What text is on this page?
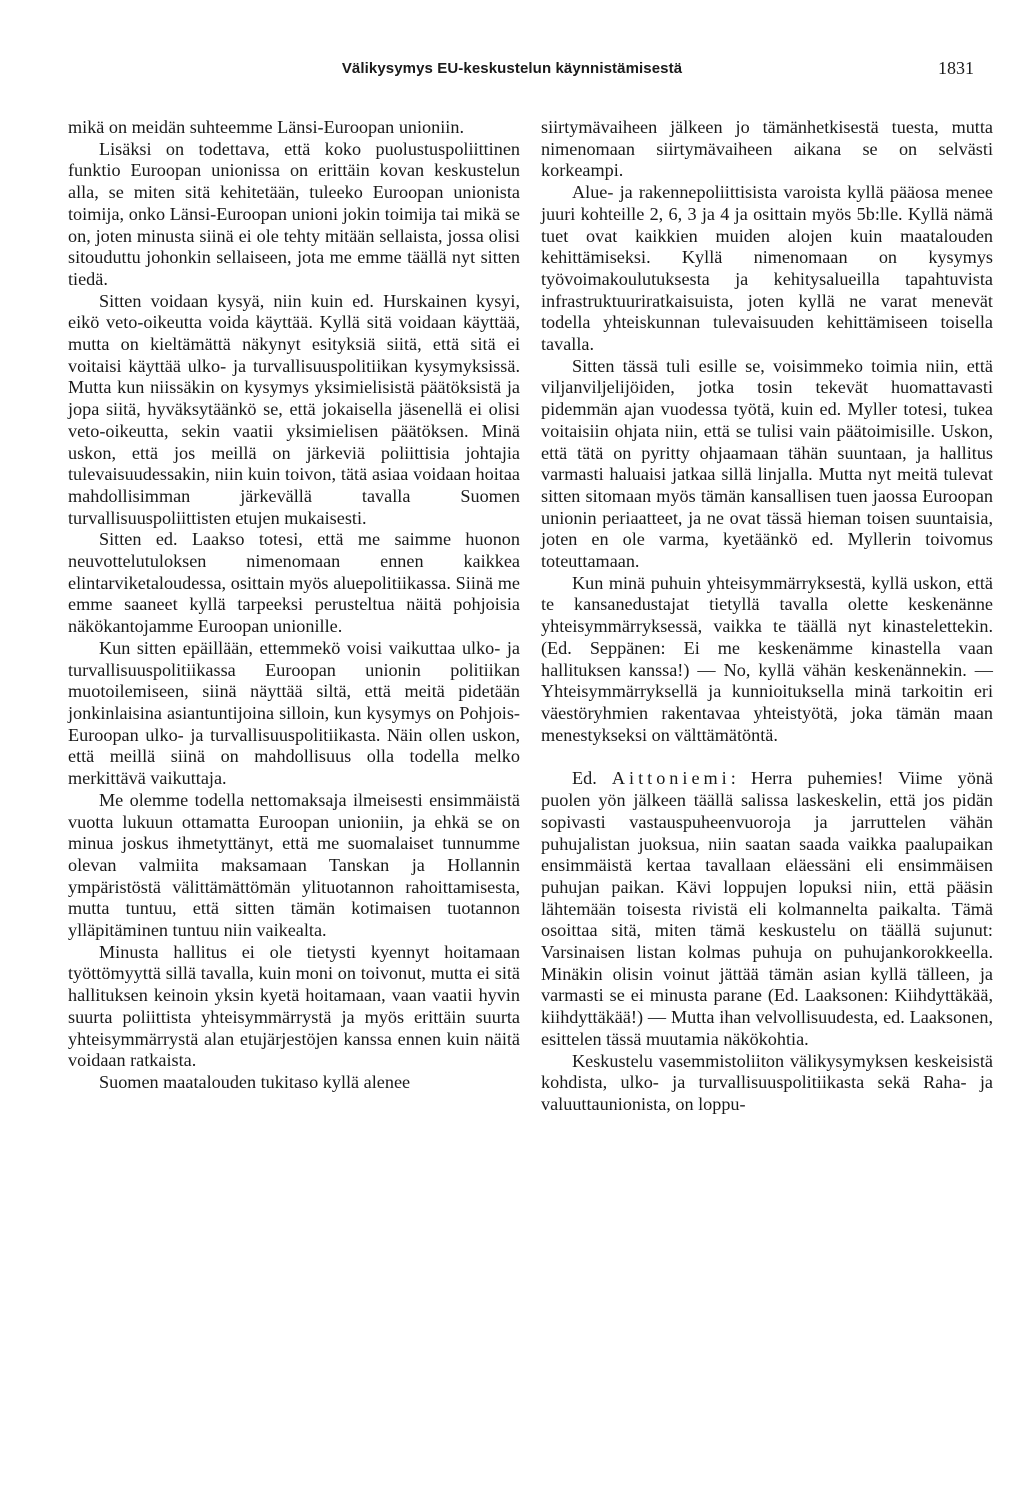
Välikysymys EU-keskustelun käynnistämisestä	1831

mikä on meidän suhteemme Länsi-Euroopan unioniin.

Lisäksi on todettava, että koko puolustuspoliittinen funktio Euroopan unionissa on erittäin kovan keskustelun alla, se miten sitä kehitetään, tuleeko Euroopan unionista toimija, onko Länsi-Euroopan unioni jokin toimija tai mikä se on, joten minusta siinä ei ole tehty mitään sellaista, jossa olisi sitouduttu johonkin sellaiseen, jota me emme täällä nyt sitten tiedä.

Sitten voidaan kysyä, niin kuin ed. Hurskainen kysyi, eikö veto-oikeutta voida käyttää. Kyllä sitä voidaan käyttää, mutta on kieltämättä näkynyt esityksiä siitä, että sitä ei voitaisi käyttää ulko- ja turvallisuuspolitiikan kysymyksissä. Mutta kun niissäkin on kysymys yksimielisistä päätöksistä ja jopa siitä, hyväksytäänkö se, että jokaisella jäsenellä ei olisi veto-oikeutta, sekin vaatii yksimielisen päätöksen. Minä uskon, että jos meillä on järkeviä poliittisia johtajia tulevaisuudessakin, niin kuin toivon, tätä asiaa voidaan hoitaa mahdollisimman järkevällä tavalla Suomen turvallisuuspoliittisten etujen mukaisesti.

Sitten ed. Laakso totesi, että me saimme huonon neuvottelutuloksen nimenomaan ennen kaikkea elintarviketaloudessa, osittain myös aluepolitiikassa. Siinä me emme saaneet kyllä tarpeeksi perusteltua näitä pohjoisia näkökantojamme Euroopan unionille.

Kun sitten epäillään, ettemmekö voisi vaikuttaa ulko- ja turvallisuuspolitiikassa Euroopan unionin politiikan muotoilemiseen, siinä näyttää siltä, että meitä pidetään jonkinlaisina asiantuntijoina silloin, kun kysymys on Pohjois-Euroopan ulko- ja turvallisuuspolitiikasta. Näin ollen uskon, että meillä siinä on mahdollisuus olla todella melko merkittävä vaikuttaja.

Me olemme todella nettomaksaja ilmeisesti ensimmäistä vuotta lukuun ottamatta Euroopan unioniin, ja ehkä se on minua joskus ihmetyttänyt, että me suomalaiset tunnumme olevan valmiita maksamaan Tanskan ja Hollannin ympäristöstä välittämättömän ylituotannon rahoittamisesta, mutta tuntuu, että sitten tämän kotimaisen tuotannon ylläpitäminen tuntuu niin vaikealta.

Minusta hallitus ei ole tietysti kyennyt hoitamaan työttömyyttä sillä tavalla, kuin moni on toivonut, mutta ei sitä hallituksen keinoin yksin kyetä hoitamaan, vaan vaatii hyvin suurta poliittista yhteisymmärrystä ja myös erittäin suurta yhteisymmärrystä alan etujärjestöjen kanssa ennen kuin näitä voidaan ratkaista.

Suomen maatalouden tukitaso kyllä alenee

siirtymävaiheen jälkeen jo tämänhetkisestä tuesta, mutta nimenomaan siirtymävaiheen aikana se on selvästi korkeampi.

Alue- ja rakennepoliittisista varoista kyllä pääosa menee juuri kohteille 2, 6, 3 ja 4 ja osittain myös 5b:lle. Kyllä nämä tuet ovat kaikkien muiden alojen kuin maatalouden kehittämiseksi. Kyllä nimenomaan on kysymys työvoimakoulutuksesta ja kehitysalueilla tapahtuvista infrastruktuuriratkaisuista, joten kyllä ne varat menevät todella yhteiskunnan tulevaisuuden kehittämiseen toisella tavalla.

Sitten tässä tuli esille se, voisimmeko toimia niin, että viljanviljelijöiden, jotka tosin tekevät huomattavasti pidemmän ajan vuodessa työtä, kuin ed. Myller totesi, tukea voitaisiin ohjata niin, että se tulisi vain päätoimisille. Uskon, että tätä on pyritty ohjaamaan tähän suuntaan, ja hallitus varmasti haluaisi jatkaa sillä linjalla. Mutta nyt meitä tulevat sitten sitomaan myös tämän kansallisen tuen jaossa Euroopan unionin periaatteet, ja ne ovat tässä hieman toisen suuntaisia, joten en ole varma, kyetäänkö ed. Myllerin toivomus toteuttamaan.

Kun minä puhuin yhteisymmärryksestä, kyllä uskon, että te kansanedustajat tietyllä tavalla olette keskenänne yhteisymmärryksessä, vaikka te täällä nyt kinastelettekin. (Ed. Seppänen: Ei me keskenämme kinastella vaan hallituksen kanssa!) — No, kyllä vähän keskenännekin. — Yhteisymmärryksellä ja kunnioituksella minä tarkoitin eri väestöryhmien rakentavaa yhteistyötä, joka tämän maan menestykseksi on välttämätöntä.

Ed. Aittoniemi: Herra puhemies! Viime yönä puolen yön jälkeen täällä salissa laskeskelin, että jos pidän sopivasti vastauspuheenvuoroja ja jarruttelen vähän puhujalistan juoksua, niin saatan saada vaikka paalupaikan ensimmäistä kertaa tavallaan eläessäni eli ensimmäisen puhujan paikan. Kävi loppujen lopuksi niin, että pääsin lähtemään toisesta rivistä eli kolmannelta paikalta. Tämä osoittaa sitä, miten tämä keskustelu on täällä sujunut: Varsinaisen listan kolmas puhuja on puhujankorokkeella. Minäkin olisin voinut jättää tämän asian kyllä tälleen, ja varmasti se ei minusta parane (Ed. Laaksonen: Kiihdyttäkää, kiihdyttäkää!) — Mutta ihan velvollisuudesta, ed. Laaksonen, esittelen tässä muutamia näkökohtia.

Keskustelu vasemmistoliiton välikysymyksen keskeisistä kohdista, ulko- ja turvallisuuspolitiikasta sekä Raha- ja valuuttaunionista, on loppu-
